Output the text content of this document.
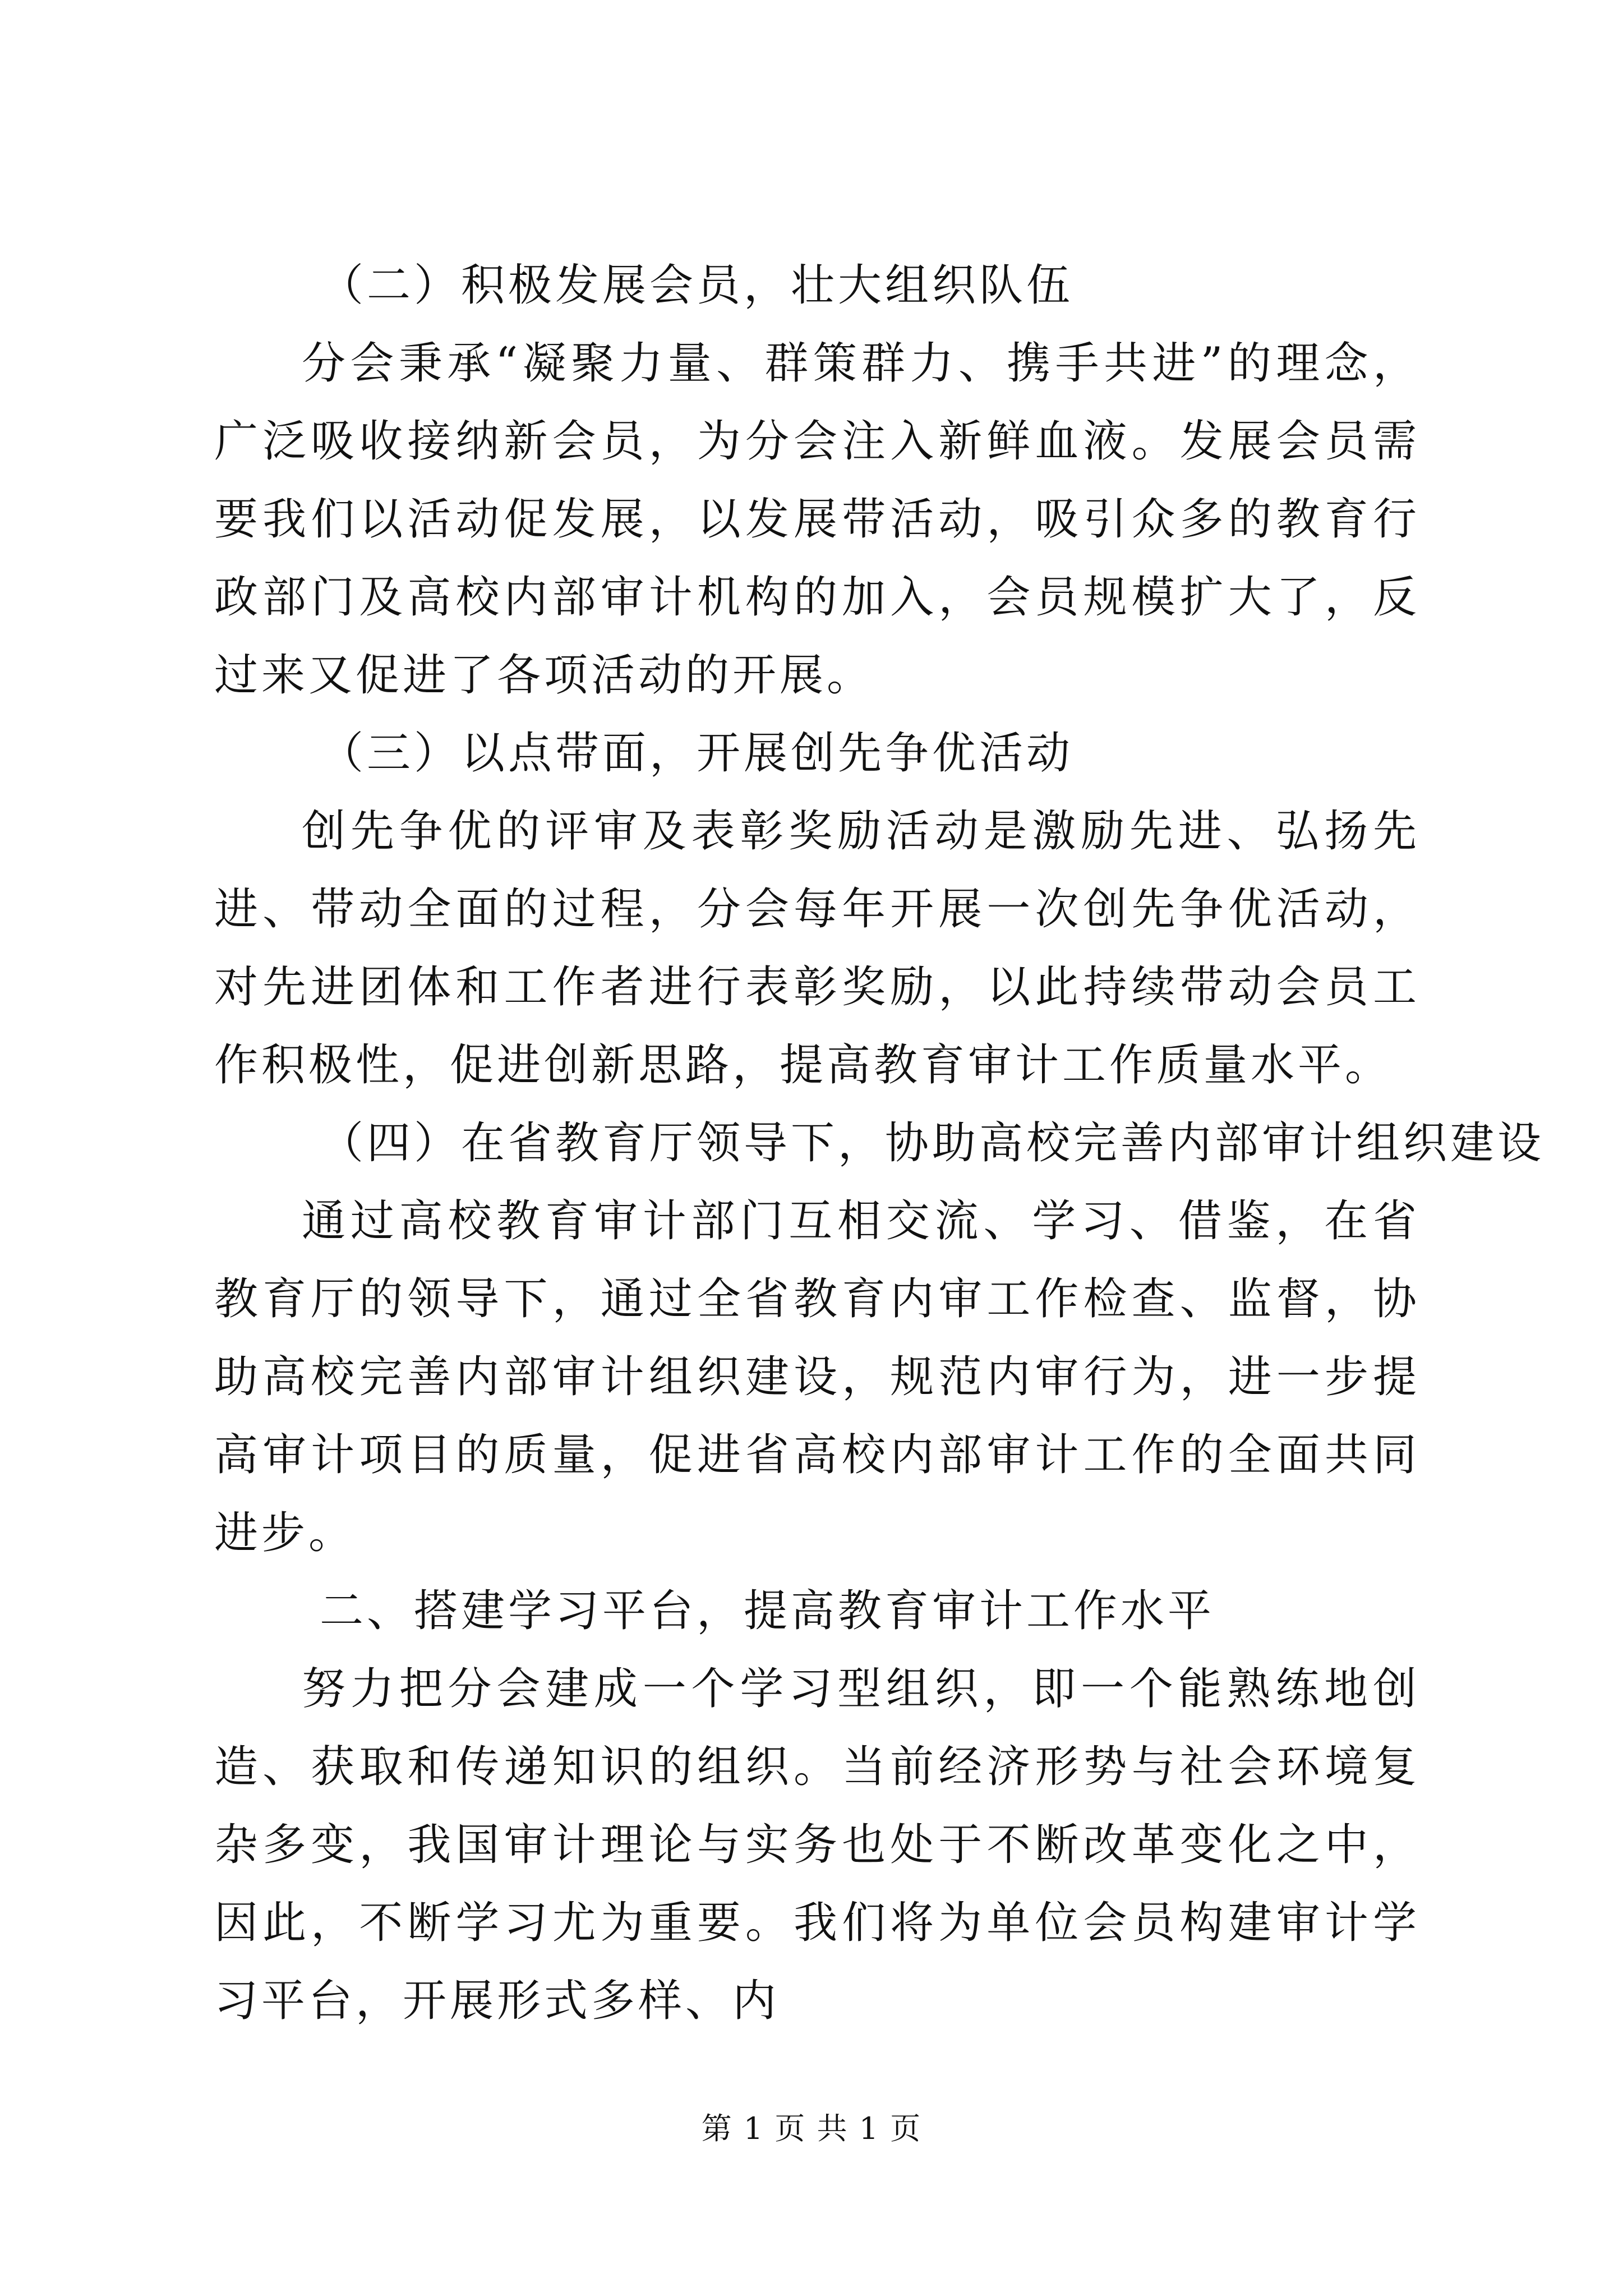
（二）积极发展会员，壮大组织队伍

分会秉承“凝聚力量、群策群力、携手共进”的理念，广泛吸收接纳新会员，为分会注入新鲜血液。发展会员需要我们以活动促发展，以发展带活动，吸引众多的教育行政部门及高校内部审计机构的加入，会员规模扩大了，反过来又促进了各项活动的开展。

（三）以点带面，开展创先争优活动

创先争优的评审及表彰奖励活动是激励先进、弘扬先进、带动全面的过程，分会每年开展一次创先争优活动，对先进团体和工作者进行表彰奖励，以此持续带动会员工作积极性，促进创新思路，提高教育审计工作质量水平。

（四）在省教育厅领导下，协助高校完善内部审计组织建设

通过高校教育审计部门互相交流、学习、借鉴，在省教育厅的领导下，通过全省教育内审工作检查、监督，协助高校完善内部审计组织建设，规范内审行为，进一步提高审计项目的质量，促进省高校内部审计工作的全面共同进步。

二、搭建学习平台，提高教育审计工作水平

努力把分会建成一个学习型组织，即一个能熟练地创造、获取和传递知识的组织。当前经济形势与社会环境复杂多变，我国审计理论与实务也处于不断改革变化之中，因此，不断学习尤为重要。我们将为单位会员构建审计学习平台，开展形式多样、内

第 1 页 共 1 页
